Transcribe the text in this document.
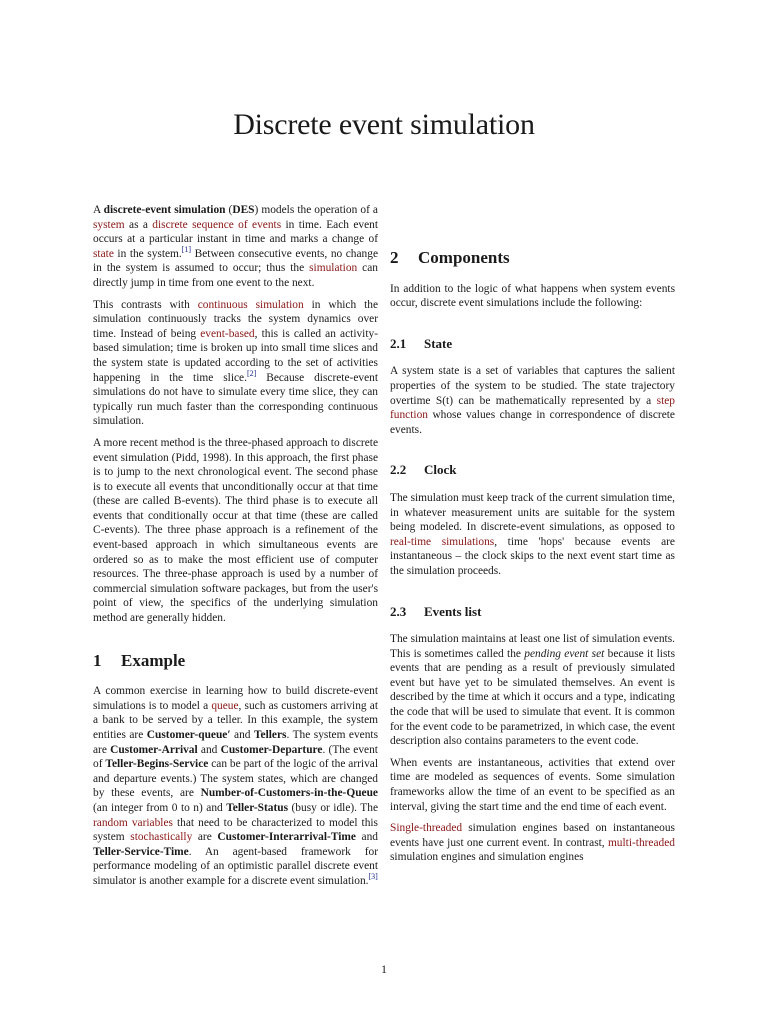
Discrete event simulation

A discrete-event simulation (DES) models the operation of a system as a discrete sequence of events in time. Each event occurs at a particular instant in time and marks a change of state in the system.[1] Between consecutive events, no change in the system is assumed to occur; thus the simulation can directly jump in time from one event to the next.

This contrasts with continuous simulation in which the simulation continuously tracks the system dynamics over time. Instead of being event-based, this is called an activity-based simulation; time is broken up into small time slices and the system state is updated according to the set of activities happening in the time slice.[2] Because discrete-event simulations do not have to simulate every time slice, they can typically run much faster than the corresponding continuous simulation.

A more recent method is the three-phased approach to discrete event simulation (Pidd, 1998). In this approach, the first phase is to jump to the next chronological event. The second phase is to execute all events that unconditionally occur at that time (these are called B-events). The third phase is to execute all events that conditionally occur at that time (these are called C-events). The three phase approach is a refinement of the event-based approach in which simultaneous events are ordered so as to make the most efficient use of computer resources. The three-phase approach is used by a number of commercial simulation software packages, but from the user's point of view, the specifics of the underlying simulation method are generally hidden.

1	Example

A common exercise in learning how to build discrete-event simulations is to model a queue, such as customers arriving at a bank to be served by a teller. In this example, the system entities are Customer-queue′ and Tellers. The system events are Customer-Arrival and Customer-Departure. (The event of Teller-Begins-Service can be part of the logic of the arrival and departure events.) The system states, which are changed by these events, are Number-of-Customers-in-the-Queue (an integer from 0 to n) and Teller-Status (busy or idle). The random variables that need to be characterized to model this system stochastically are Customer-Interarrival-Time and Teller-Service-Time. An agent-based framework for performance modeling of an optimistic parallel discrete event simulator is another example for a discrete event simulation.[3]

2	Components

In addition to the logic of what happens when system events occur, discrete event simulations include the following:

2.1	State

A system state is a set of variables that captures the salient properties of the system to be studied. The state trajectory overtime S(t) can be mathematically represented by a step function whose values change in correspondence of discrete events.

2.2	Clock

The simulation must keep track of the current simulation time, in whatever measurement units are suitable for the system being modeled. In discrete-event simulations, as opposed to real-time simulations, time 'hops' because events are instantaneous – the clock skips to the next event start time as the simulation proceeds.

2.3	Events list

The simulation maintains at least one list of simulation events. This is sometimes called the pending event set because it lists events that are pending as a result of previously simulated event but have yet to be simulated themselves. An event is described by the time at which it occurs and a type, indicating the code that will be used to simulate that event. It is common for the event code to be parametrized, in which case, the event description also contains parameters to the event code.

When events are instantaneous, activities that extend over time are modeled as sequences of events. Some simulation frameworks allow the time of an event to be specified as an interval, giving the start time and the end time of each event.

Single-threaded simulation engines based on instantaneous events have just one current event. In contrast, multi-threaded simulation engines and simulation engines

1
